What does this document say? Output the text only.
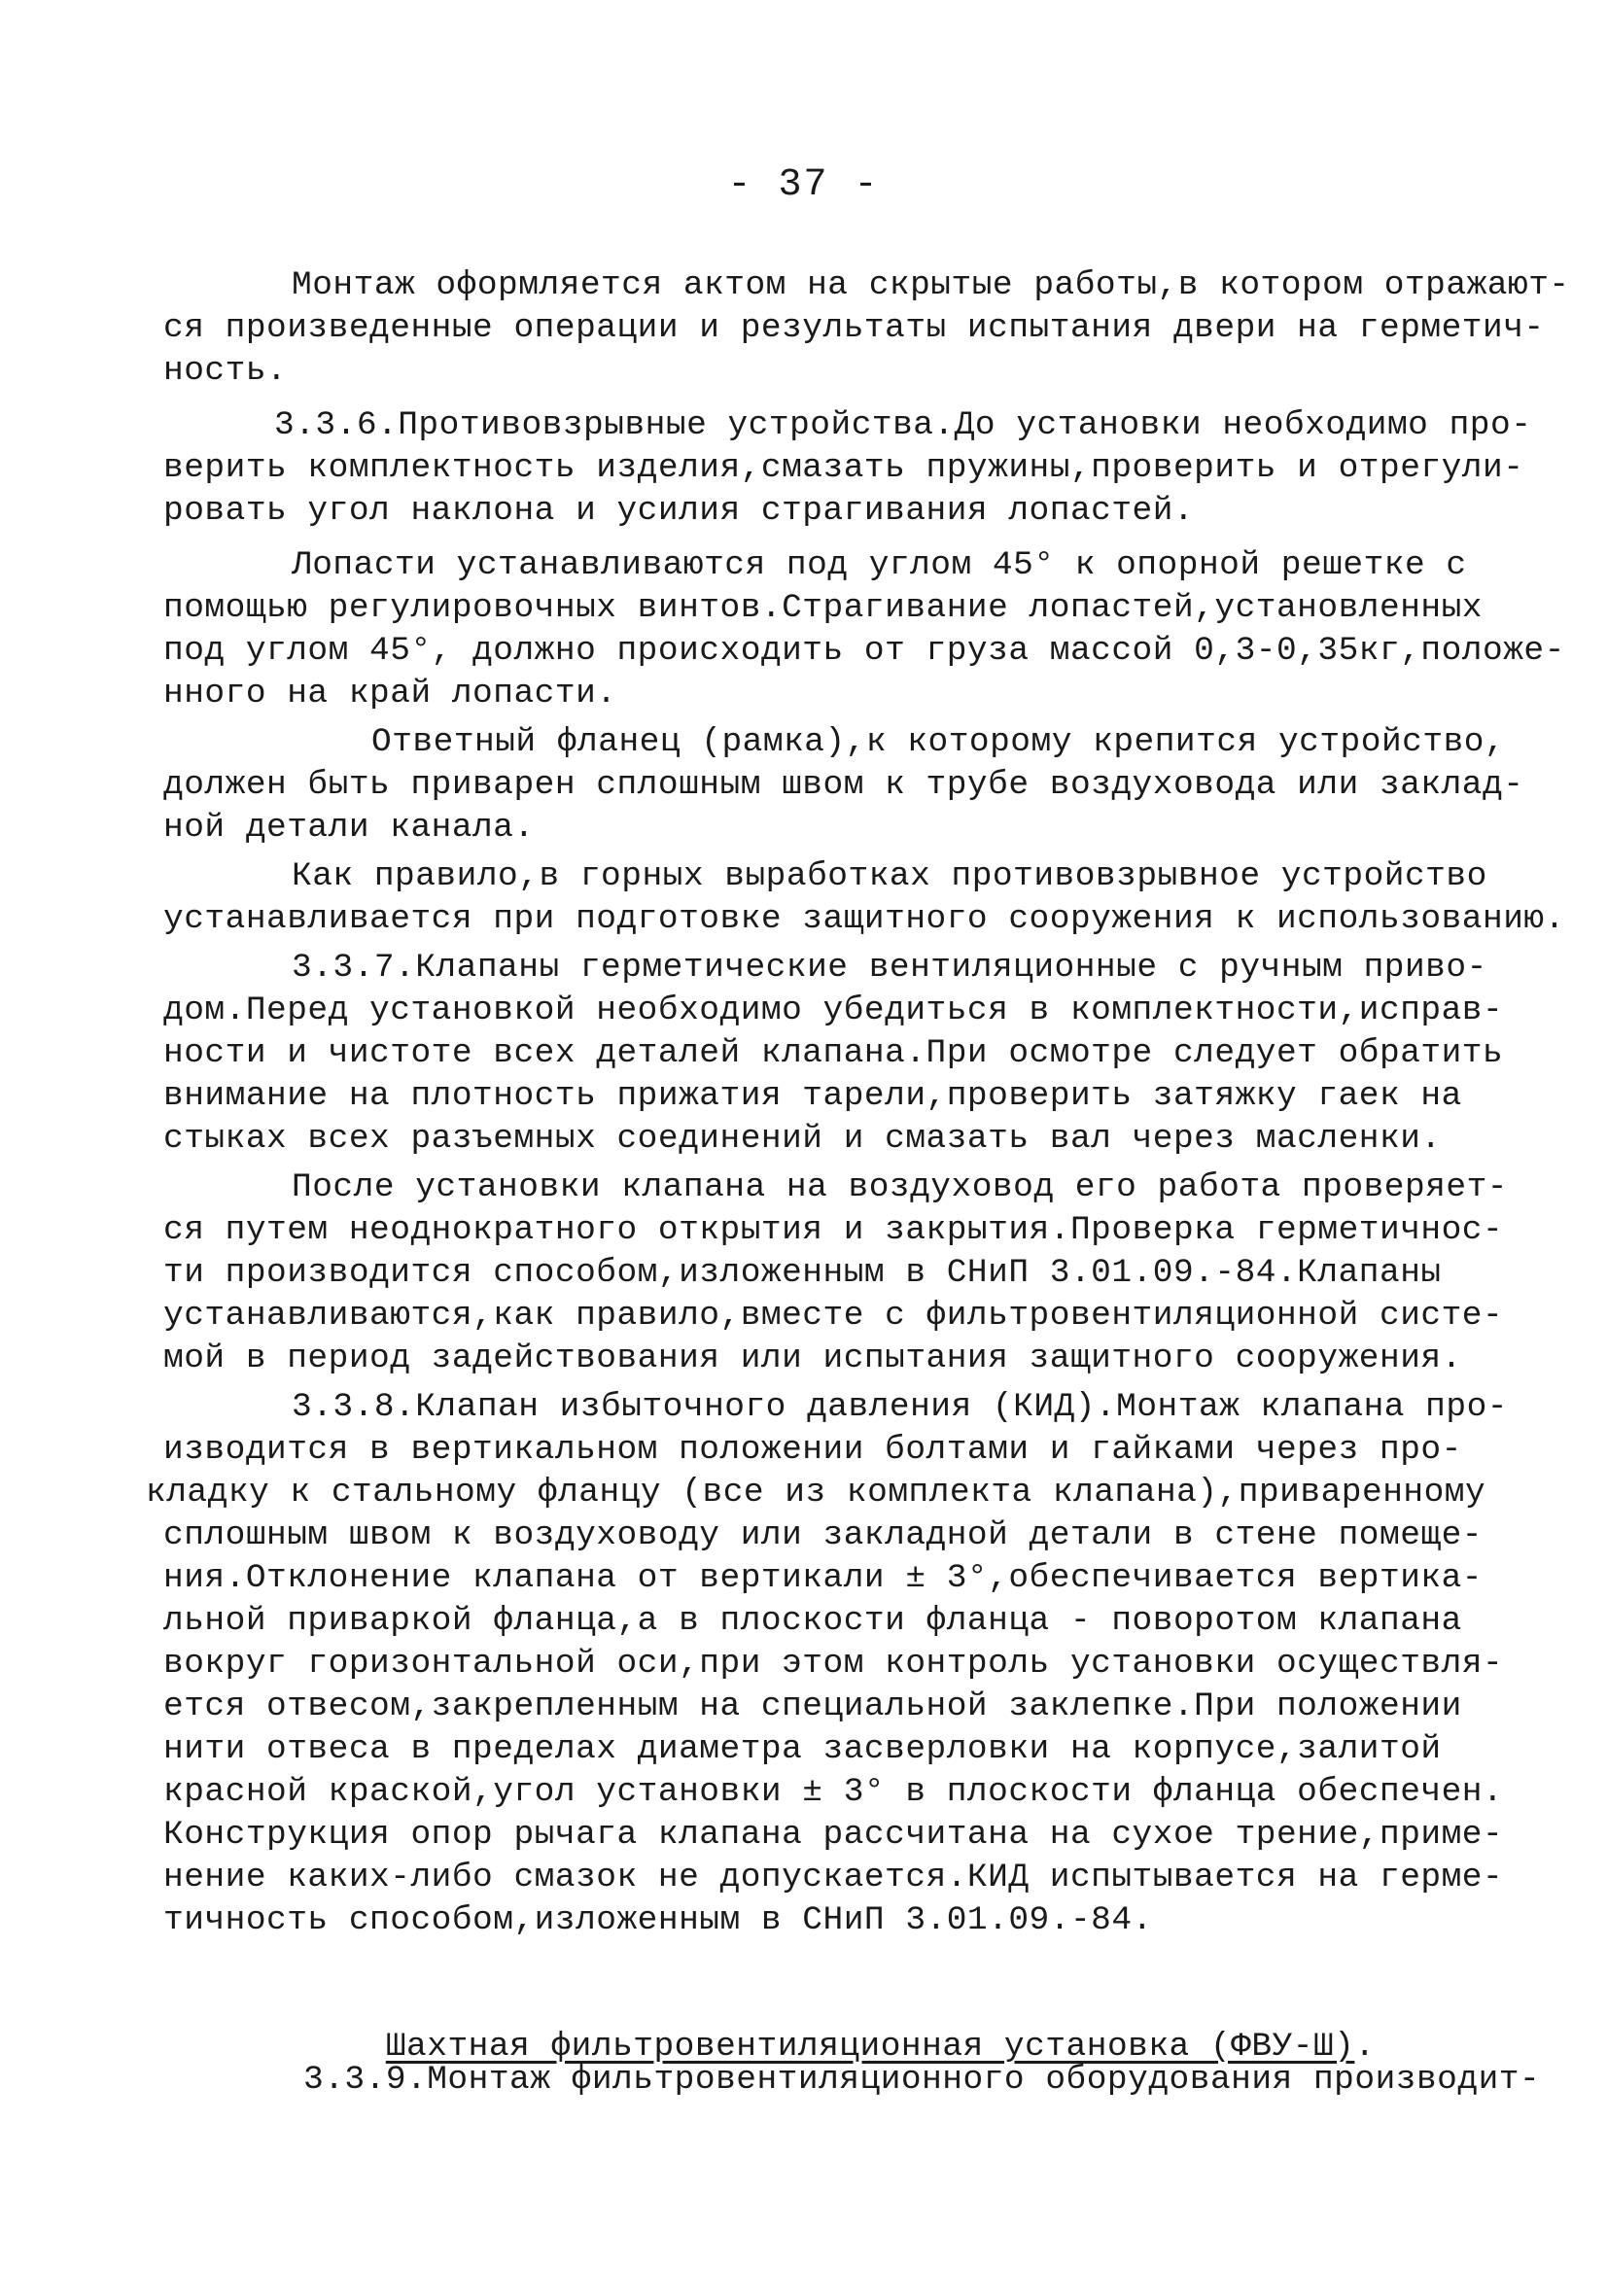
- 37 -
Монтаж оформляется актом на скрытые работы,в котором отражают-
ся произведенные операции и результаты испытания двери на герметич-
ность.
3.3.6.Противовзрывные устройства.До установки необходимо про-
верить комплектность изделия,смазать пружины,проверить и отрегули-
ровать угол наклона и усилия страгивания лопастей.
Лопасти устанавливаются под углом 45° к опорной решетке с
помощью регулировочных винтов.Страгивание лопастей,установленных
под углом 45°, должно происходить от груза массой 0,3-0,35кг,положе-
нного на край лопасти.
Ответный фланец (рамка),к которому крепится устройство,
должен быть приварен сплошным швом к трубе воздуховода или заклад-
ной детали канала.
Как правило,в горных выработках противовзрывное устройство
устанавливается при подготовке защитного сооружения к использованию.
3.3.7.Клапаны герметические вентиляционные с ручным приво-
дом.Перед установкой необходимо убедиться в комплектности,исправ-
ности и чистоте всех деталей клапана.При осмотре следует обратить
внимание на плотность прижатия тарели,проверить затяжку гаек на
стыках всех разъемных соединений и смазать вал через масленки.
После установки клапана на воздуховод его работа проверяет-
ся путем неоднократного открытия и закрытия.Проверка герметичнос-
ти производится способом,изложенным в СНиП 3.01.09.-84.Клапаны
устанавливаются,как правило,вместе с фильтровентиляционной систе-
мой в период задействования или испытания защитного сооружения.
3.3.8.Клапан избыточного давления (КИД).Монтаж клапана про-
изводится в вертикальном положении болтами и гайками через про-
кладку к стальному фланцу (все из комплекта клапана),приваренному
сплошным швом к воздуховоду или закладной детали в стене помеще-
ния.Отклонение клапана от вертикали ± 3°,обеспечивается вертика-
льной приваркой фланца,а в плоскости фланца - поворотом клапана
вокруг горизонтальной оси,при этом контроль установки осуществля-
ется отвесом,закрепленным на специальной заклепке.При положении
нити отвеса в пределах диаметра засверловки на корпусе,залитой
красной краской,угол установки ± 3° в плоскости фланца обеспечен.
Конструкция опор рычага клапана рассчитана на сухое трение,приме-
нение каких-либо смазок не допускается.КИД испытывается на герме-
тичность способом,изложенным в СНиП 3.01.09.-84.

Шахтная фильтровентиляционная установка (ФВУ-Ш).

3.3.9.Монтаж фильтровентиляционного оборудования производит-
